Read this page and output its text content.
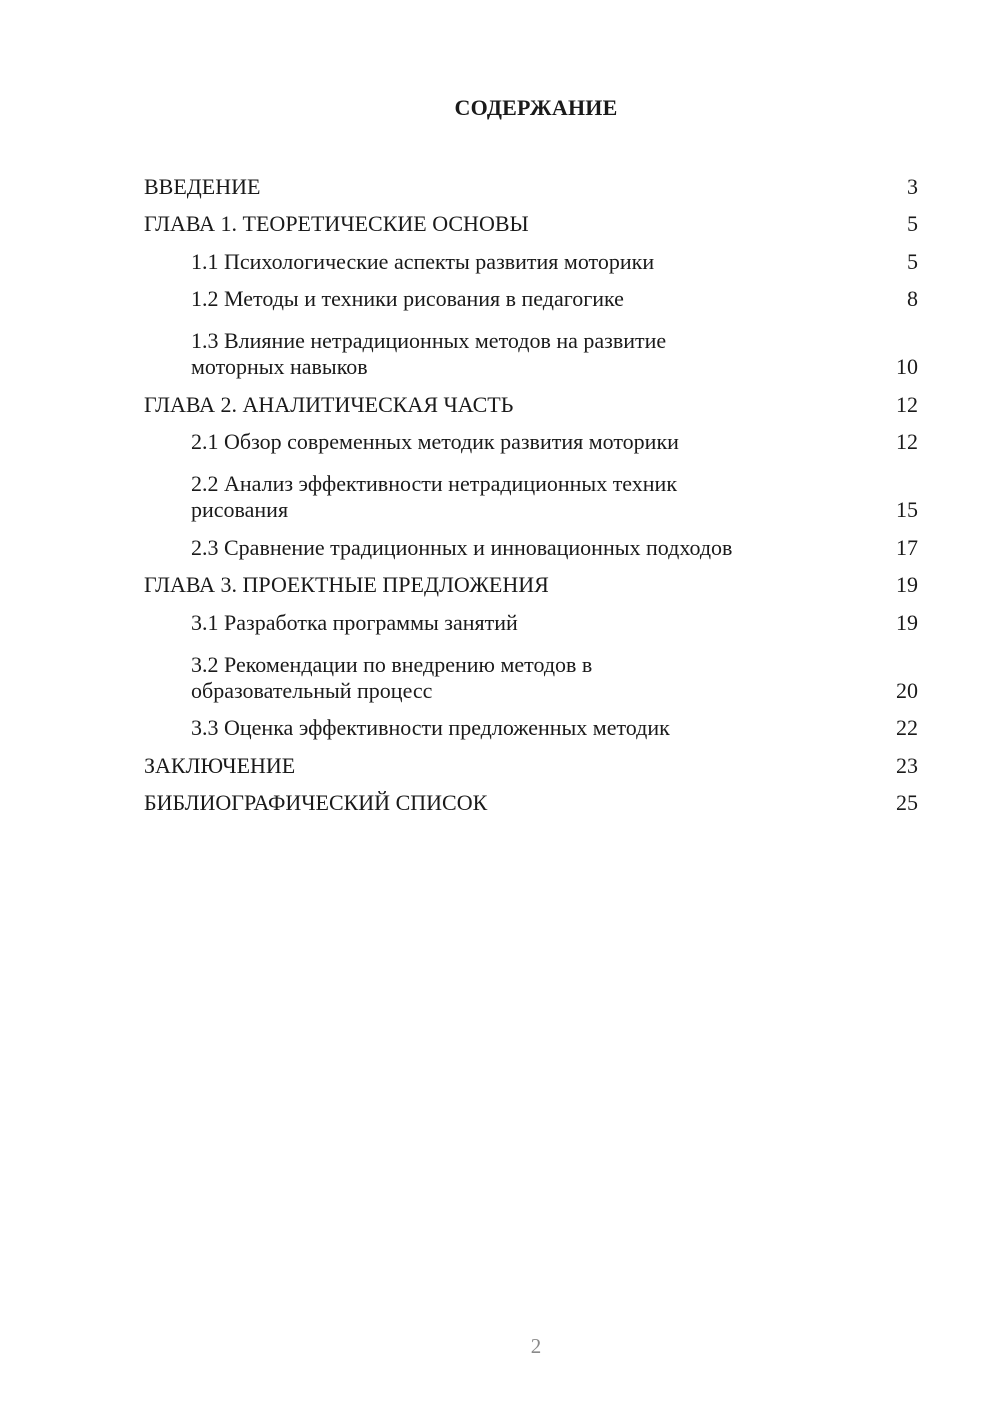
СОДЕРЖАНИЕ
ВВЕДЕНИЕ	3
ГЛАВА 1. ТЕОРЕТИЧЕСКИЕ ОСНОВЫ	5
1.1 Психологические аспекты развития моторики	5
1.2 Методы и техники рисования в педагогике	8
1.3 Влияние нетрадиционных методов на развитие моторных навыков	10
ГЛАВА 2. АНАЛИТИЧЕСКАЯ ЧАСТЬ	12
2.1 Обзор современных методик развития моторики	12
2.2 Анализ эффективности нетрадиционных техник рисования	15
2.3 Сравнение традиционных и инновационных подходов	17
ГЛАВА 3. ПРОЕКТНЫЕ ПРЕДЛОЖЕНИЯ	19
3.1 Разработка программы занятий	19
3.2 Рекомендации по внедрению методов в образовательный процесс	20
3.3 Оценка эффективности предложенных методик	22
ЗАКЛЮЧЕНИЕ	23
БИБЛИОГРАФИЧЕСКИЙ СПИСОК	25
2
